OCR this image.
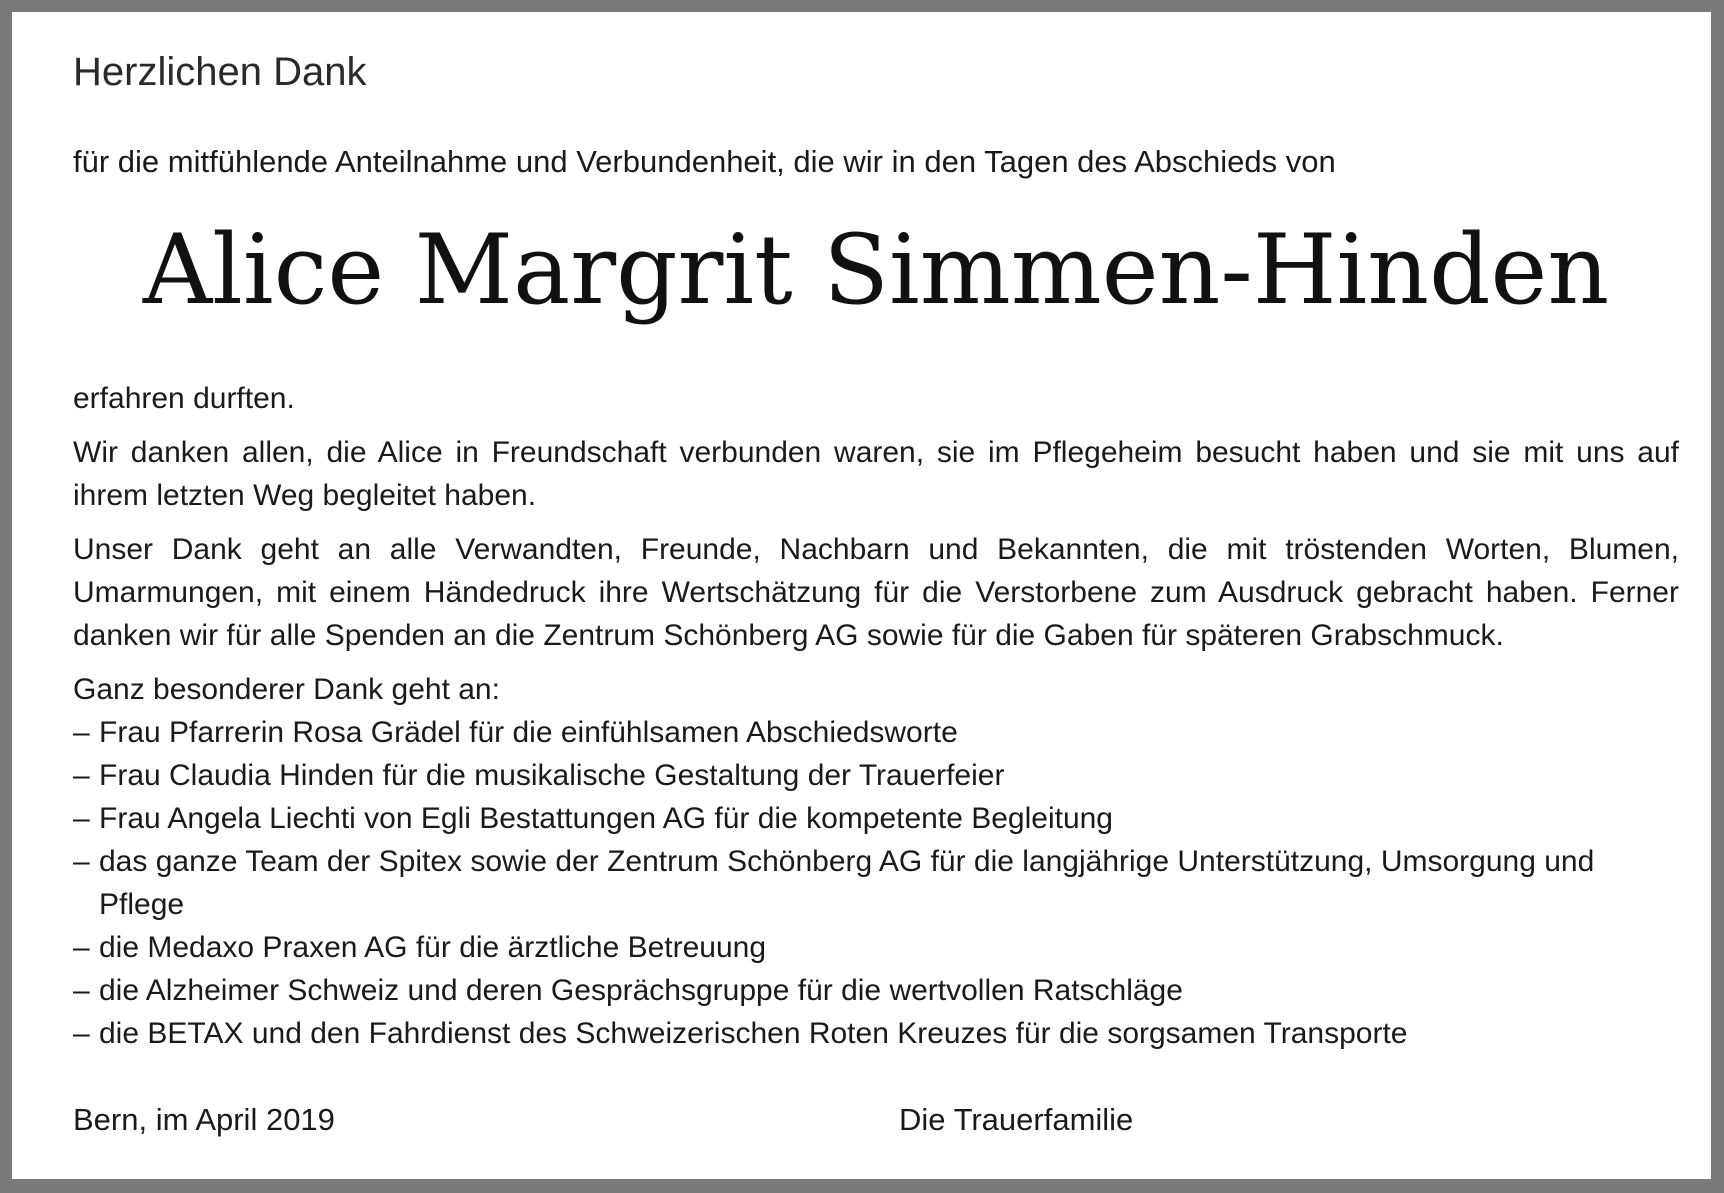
Herzlichen Dank
für die mitfühlende Anteilnahme und Verbundenheit, die wir in den Tagen des Abschieds von
Alice Margrit Simmen-Hinden

erfahren durften.

Wir danken allen, die Alice in Freundschaft verbunden waren, sie im Pflegeheim besucht haben und sie mit uns auf ihrem letzten Weg begleitet haben.

Unser Dank geht an alle Verwandten, Freunde, Nachbarn und Bekannten, die mit tröstenden Worten, Blumen, Umarmungen, mit einem Händedruck ihre Wertschätzung für die Verstorbene zum Ausdruck gebracht haben. Ferner danken wir für alle Spenden an die Zentrum Schönberg AG sowie für die Gaben für späteren Grabschmuck.

Ganz besonderer Dank geht an:
– Frau Pfarrerin Rosa Grädel für die einfühlsamen Abschiedsworte
– Frau Claudia Hinden für die musikalische Gestaltung der Trauerfeier
– Frau Angela Liechti von Egli Bestattungen AG für die kompetente Begleitung
– das ganze Team der Spitex sowie der Zentrum Schönberg AG für die langjährige Unterstützung, Umsorgung und Pflege
– die Medaxo Praxen AG für die ärztliche Betreuung
– die Alzheimer Schweiz und deren Gesprächsgruppe für die wertvollen Ratschläge
– die BETAX und den Fahrdienst des Schweizerischen Roten Kreuzes für die sorgsamen Transporte
Bern, im April 2019	Die Trauerfamilie
